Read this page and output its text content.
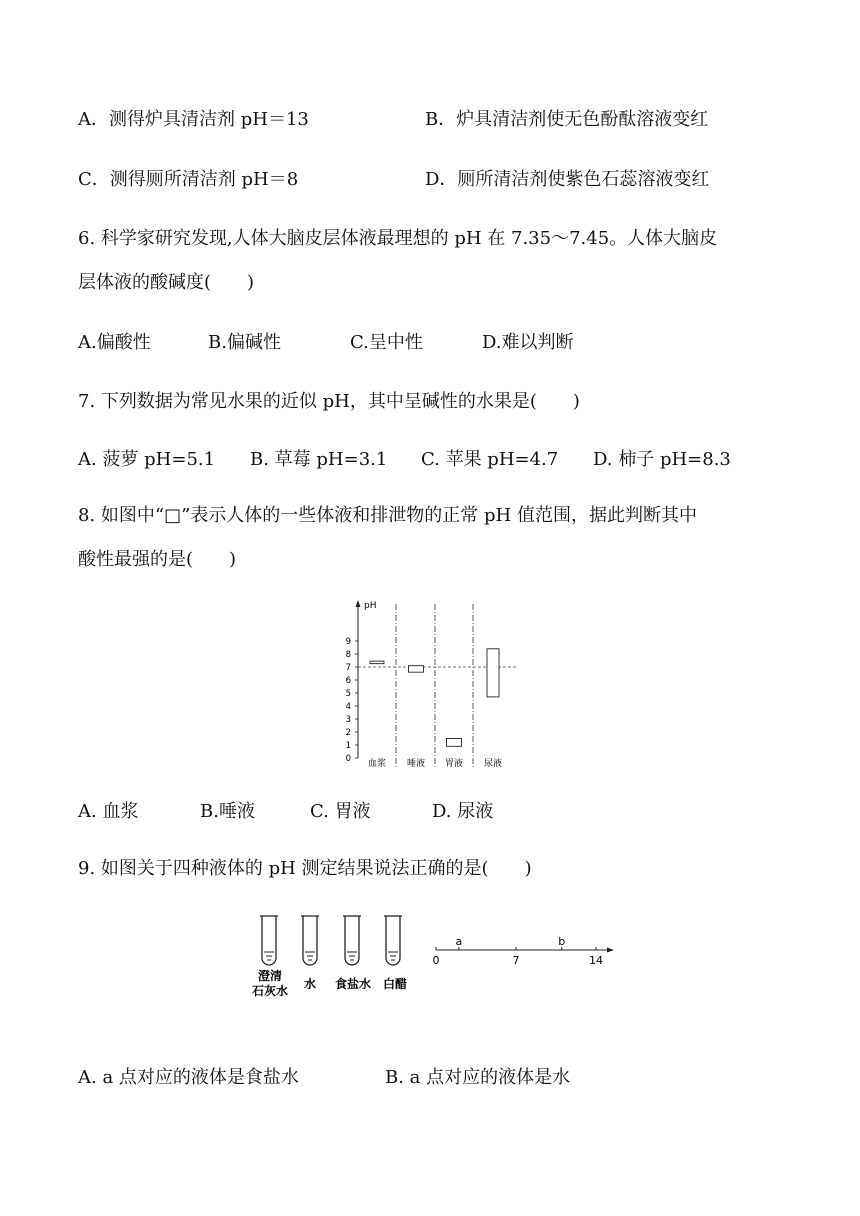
A．测得炉具清洁剂 pH＝13	B．炉具清洁剂使无色酚酞溶液变红
C．测得厕所清洁剂 pH＝8	D．厕所清洁剂使紫色石蕊溶液变红
6. 科学家研究发现,人体大脑皮层体液最理想的 pH 在 7.35～7.45。人体大脑皮
层体液的酸碱度(　　)
A.偏酸性	B.偏碱性	C.呈中性	D.难以判断
7. 下列数据为常见水果的近似 pH，其中呈碱性的水果是(　　)
A. 菠萝 pH=5.1 B. 草莓 pH=3.1 C. 苹果 pH=4.7 D. 柿子 pH=8.3
8. 如图中“□”表示人体的一些体液和排泄物的正常 pH 值范围，据此判断其中
酸性最强的是(　　)
pH
0
1
2
3
4
5
6
7
8
9
血浆 唾液 胃液 尿液
A. 血浆	B.唾液	C. 胃液	D. 尿液
9. 如图关于四种液体的 pH 测定结果说法正确的是(　　)
澄清
石灰水 水 食盐水 白醋
0	7	14
a	b
A. a 点对应的液体是食盐水	B. a 点对应的液体是水
